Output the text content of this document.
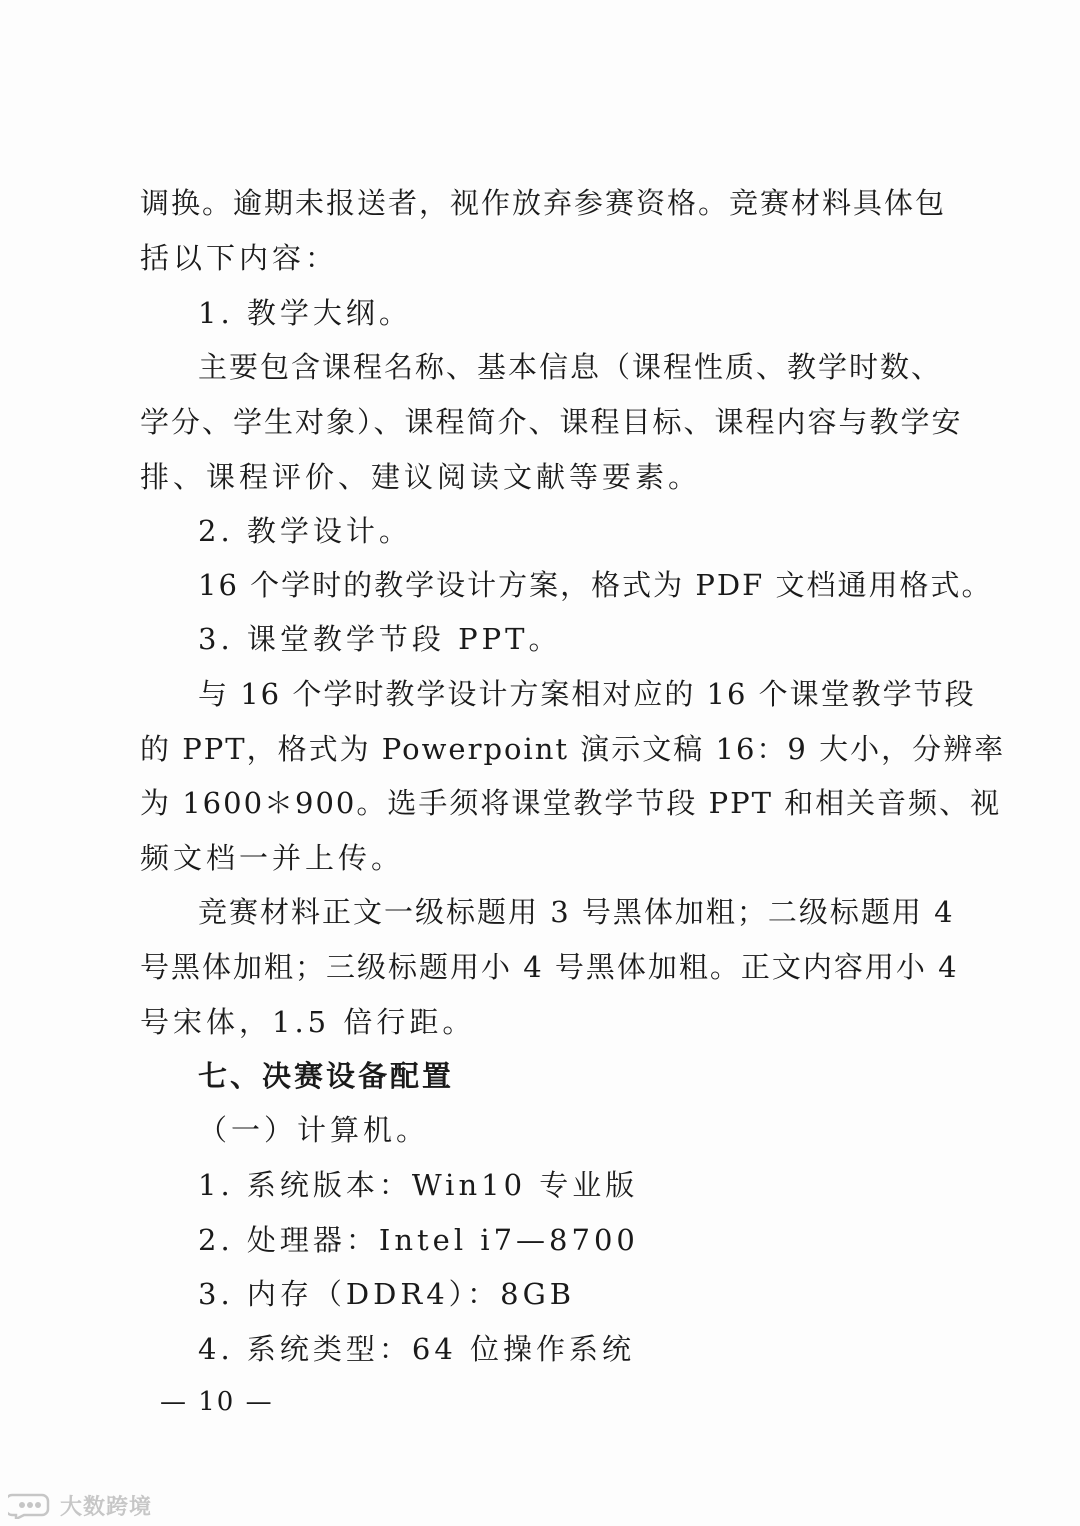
调换。逾期未报送者，视作放弃参赛资格。竞赛材料具体包
括以下内容：
1. 教学大纲。
主要包含课程名称、基本信息（课程性质、教学时数、
学分、学生对象）、课程简介、课程目标、课程内容与教学安
排、课程评价、建议阅读文献等要素。
2. 教学设计。
16 个学时的教学设计方案，格式为 PDF 文档通用格式。
3. 课堂教学节段 PPT。
与 16 个学时教学设计方案相对应的 16 个课堂教学节段
的 PPT，格式为 Powerpoint 演示文稿 16：9 大小，分辨率
为 1600＊900。选手须将课堂教学节段 PPT 和相关音频、视
频文档一并上传。
竞赛材料正文一级标题用 3 号黑体加粗；二级标题用 4
号黑体加粗；三级标题用小 4 号黑体加粗。正文内容用小 4
号宋体，1.5 倍行距。
七、决赛设备配置
（一）计算机。
1. 系统版本：Win10 专业版
2. 处理器：Intel i7—8700
3. 内存（DDR4）：8GB
4. 系统类型：64 位操作系统
— 10 —
大数跨境
